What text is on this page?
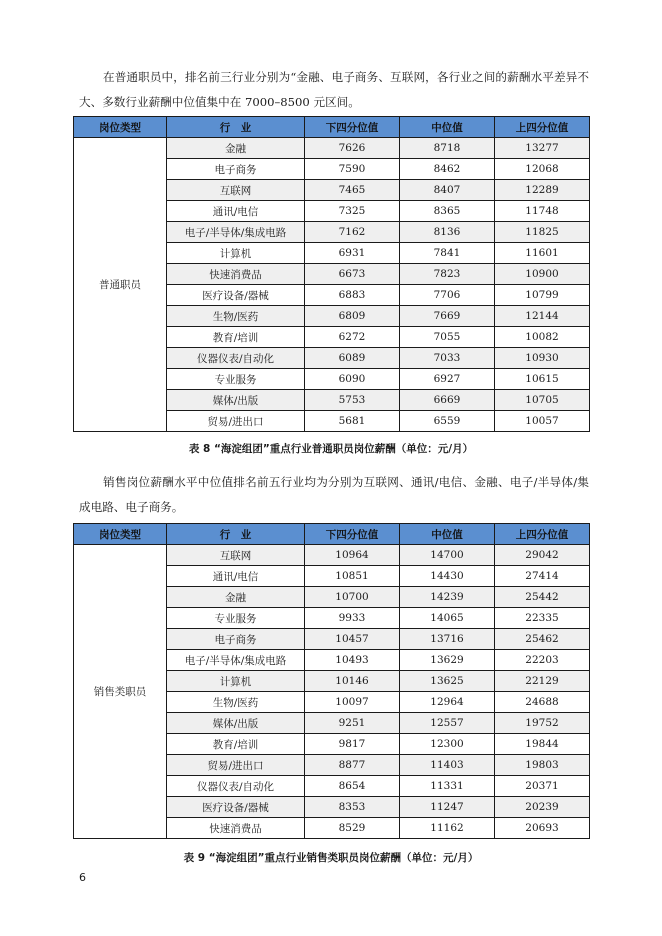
在普通职员中，排名前三行业分别为“金融、电子商务、互联网，各行业之间的薪酬水平差异不大、多数行业薪酬中位值集中在 7000–8500 元区间。

岗位类型	行　业	下四分位值	中位值	上四分位值
普通职员	金融	7626	8718	13277
	电子商务	7590	8462	12068
	互联网	7465	8407	12289
	通讯/电信	7325	8365	11748
	电子/半导体/集成电路	7162	8136	11825
	计算机	6931	7841	11601
	快速消费品	6673	7823	10900
	医疗设备/器械	6883	7706	10799
	生物/医药	6809	7669	12144
	教育/培训	6272	7055	10082
	仪器仪表/自动化	6089	7033	10930
	专业服务	6090	6927	10615
	媒体/出版	5753	6669	10705
	贸易/进出口	5681	6559	10057

表 8 “海淀组团”重点行业普通职员岗位薪酬（单位：元/月）

销售岗位薪酬水平中位值排名前五行业均为分别为互联网、通讯/电信、金融、电子/半导体/集成电路、电子商务。

岗位类型	行　业	下四分位值	中位值	上四分位值
销售类职员	互联网	10964	14700	29042
	通讯/电信	10851	14430	27414
	金融	10700	14239	25442
	专业服务	9933	14065	22335
	电子商务	10457	13716	25462
	电子/半导体/集成电路	10493	13629	22203
	计算机	10146	13625	22129
	生物/医药	10097	12964	24688
	媒体/出版	9251	12557	19752
	教育/培训	9817	12300	19844
	贸易/进出口	8877	11403	19803
	仪器仪表/自动化	8654	11331	20371
	医疗设备/器械	8353	11247	20239
	快速消费品	8529	11162	20693

表 9 “海淀组团”重点行业销售类职员岗位薪酬（单位：元/月）

6
